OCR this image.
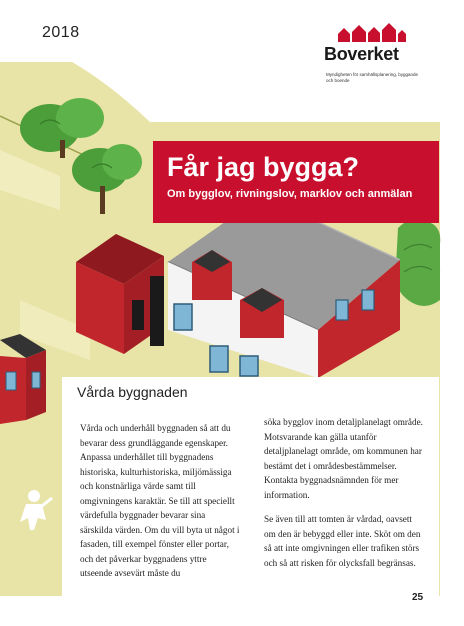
2018
Boverket
Myndigheten för samhällsplanering, byggande och boende
Får jag bygga?
Om bygglov, rivningslov, marklov och anmälan
Vårda byggnaden

Vårda och underhåll byggnaden så att du bevarar dess grundläggande egenskaper. Anpassa underhållet till byggnadens historiska, kulturhistoriska, miljömässiga och konstnärliga värde samt till omgivningens karaktär. Se till att speciellt värdefulla byggnader bevarar sina särskilda värden. Om du vill byta ut något i fasaden, till exempel fönster eller portar, och det påverkar byggnadens yttre utseende avsevärt måste du

söka bygglov inom detaljplanelagt område. Motsvarande kan gälla utanför detaljplanelagt område, om kommunen har bestämt det i områdesbestämmelser. Kontakta byggnadsnämnden för mer information.

Se även till att tomten är vårdad, oavsett om den är bebyggd eller inte. Sköt om den så att inte omgivningen eller trafiken störs och så att risken för olycksfall begränsas.

25
